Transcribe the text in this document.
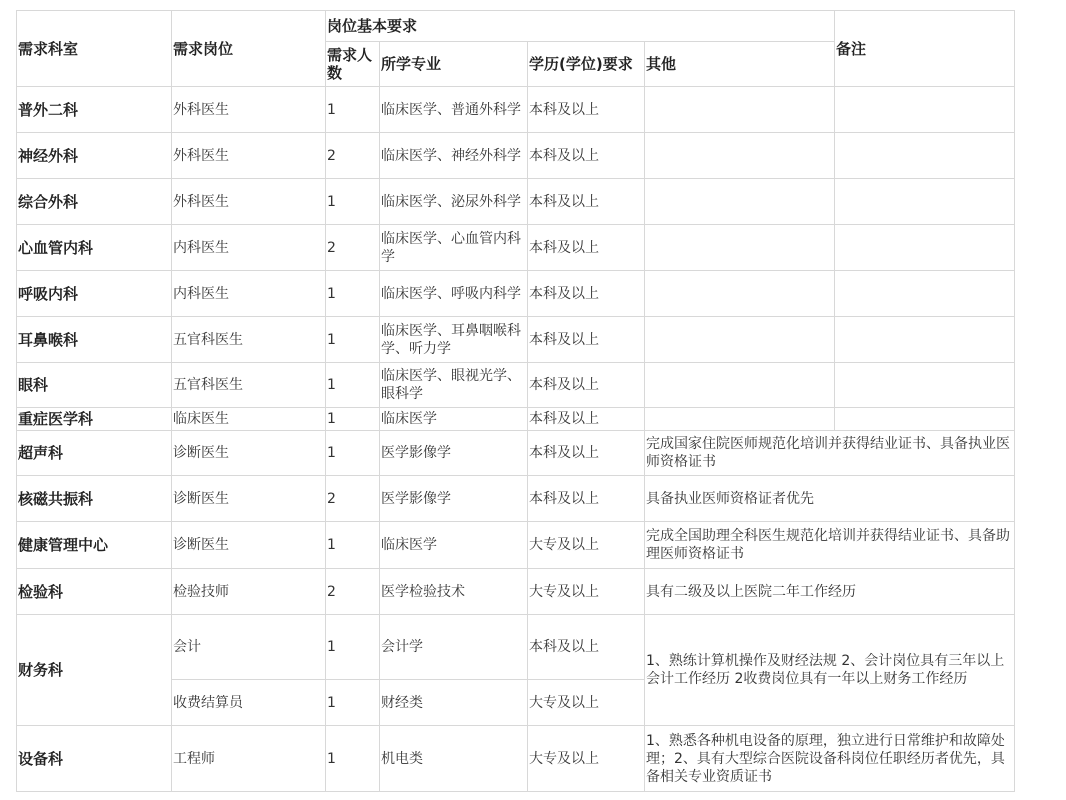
需求科室	需求岗位	岗位基本要求				备注
		需求人数	所学专业	学历(学位)要求	其他	
普外二科	外科医生	1	临床医学、普通外科学	本科及以上		
神经外科	外科医生	2	临床医学、神经外科学	本科及以上		
综合外科	外科医生	1	临床医学、泌尿外科学	本科及以上		
心血管内科	内科医生	2	临床医学、心血管内科学	本科及以上		
呼吸内科	内科医生	1	临床医学、呼吸内科学	本科及以上		
耳鼻喉科	五官科医生	1	临床医学、耳鼻咽喉科学、听力学	本科及以上		
眼科	五官科医生	1	临床医学、眼视光学、 眼科学	本科及以上		
重症医学科	临床医生	1	临床医学	本科及以上		
超声科	诊断医生	1	医学影像学	本科及以上	完成国家住院医师规范化培训并获得结业证书、具备执业医师资格证书	
核磁共振科	诊断医生	2	医学影像学	本科及以上	具备执业医师资格证者优先	
健康管理中心	诊断医生	1	临床医学	大专及以上	完成全国助理全科医生规范化培训并获得结业证书、具备助理医师资格证书	
检验科	检验技师	2	医学检验技术	大专及以上	具有二级及以上医院二年工作经历	
财务科	会计	1	会计学	本科及以上	1、熟练计算机操作及财经法规 2、会计岗位具有三年以上会计工作经历 2收费岗位具有一年以上财务工作经历	
	收费结算员	1	财经类	大专及以上		
设备科	工程师	1	机电类	大专及以上	1、熟悉各种机电设备的原理，独立进行日常维护和故障处理；2、具有大型综合医院设备科岗位任职经历者优先，具备相关专业资质证书	
